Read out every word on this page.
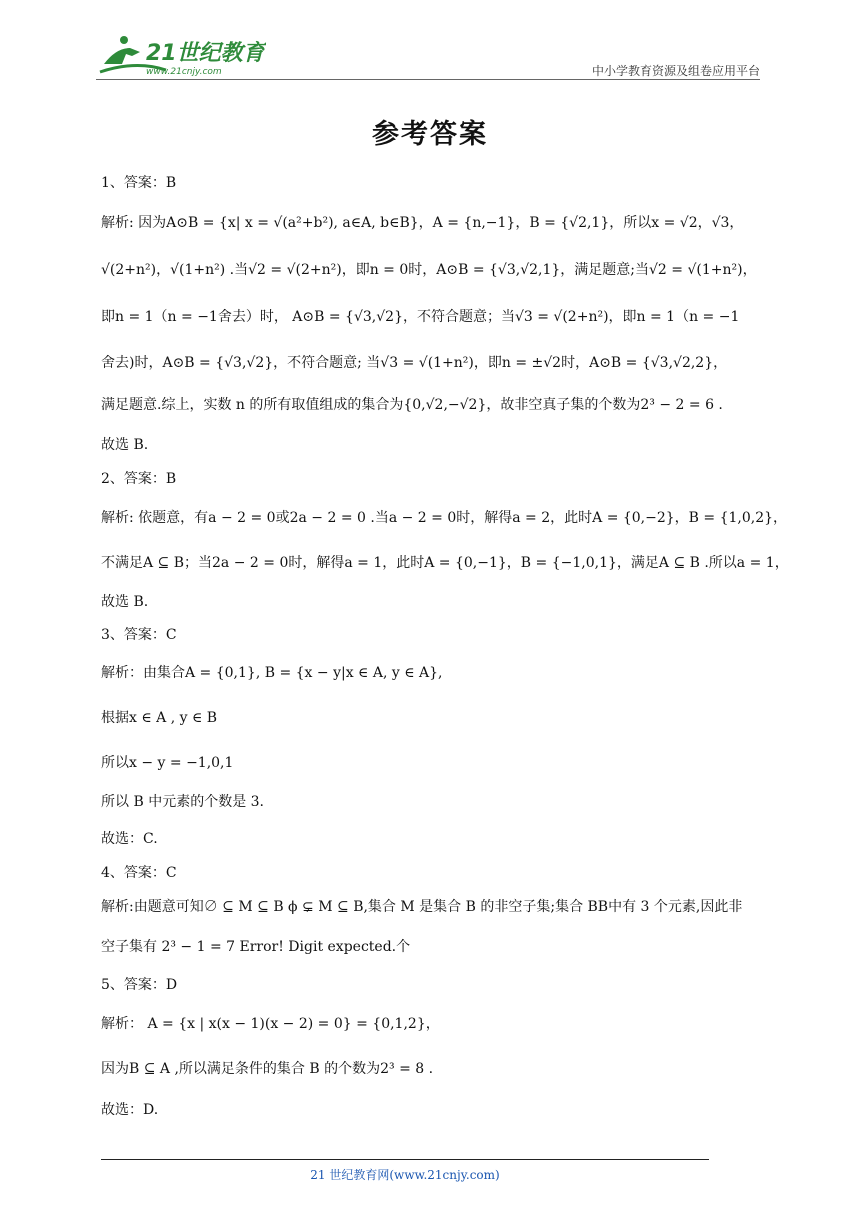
21世纪教育
www.21cnjy.com	中小学教育资源及组卷应用平台
参考答案
1、答案：B
解析: 因为A⊙B = {x| x = √(a²+b²), a∈A, b∈B}，A = {n,−1}，B = {√2,1}，所以x = √2，√3，
√(2+n²)，√(1+n²) .当√2 = √(2+n²)，即n = 0时，A⊙B = {√3,√2,1}，满足题意;当√2 = √(1+n²)，
即n = 1（n = −1舍去）时， A⊙B = {√3,√2}，不符合题意；当√3 = √(2+n²)，即n = 1（n = −1
舍去)时，A⊙B = {√3,√2}，不符合题意; 当√3 = √(1+n²)，即n = ±√2时，A⊙B = {√3,√2,2}，
满足题意.综上，实数 n 的所有取值组成的集合为{0,√2,−√2}，故非空真子集的个数为2³ − 2 = 6 .
故选 B.
2、答案：B
解析: 依题意，有a − 2 = 0或2a − 2 = 0 .当a − 2 = 0时，解得a = 2，此时A = {0,−2}，B = {1,0,2}，
不满足A ⊆ B；当2a − 2 = 0时，解得a = 1，此时A = {0,−1}，B = {−1,0,1}，满足A ⊆ B .所以a = 1，
故选 B.
3、答案：C
解析：由集合A = {0,1}, B = {x − y|x ∈ A, y ∈ A},
根据x ∈ A , y ∈ B
所以x − y = −1,0,1
所以 B 中元素的个数是 3.
故选：C.
4、答案：C
解析:由题意可知∅ ⊆ M ⊆ B ϕ ⊊ M ⊆ B,集合 M 是集合 B 的非空子集;集合 BB中有 3 个元素,因此非
空子集有 2³ − 1 = 7 Error! Digit expected.个
5、答案：D
解析： A = {x | x(x − 1)(x − 2) = 0} = {0,1,2}，
因为B ⊆ A ,所以满足条件的集合 B 的个数为2³ = 8 .
故选：D.
21 世纪教育网(www.21cnjy.com)
